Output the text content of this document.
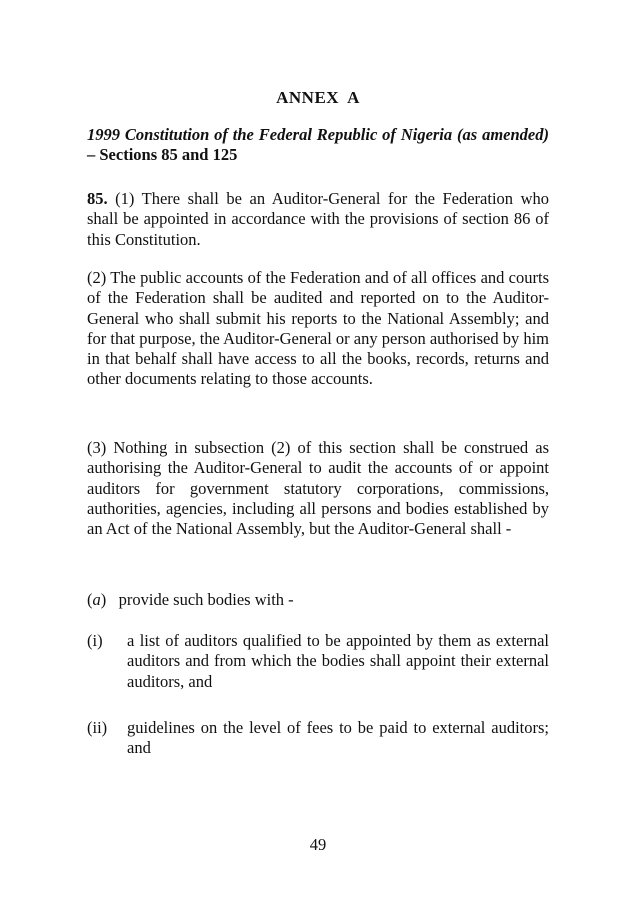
ANNEX A

1999 Constitution of the Federal Republic of Nigeria (as amended) – Sections 85 and 125

85. (1) There shall be an Auditor-General for the Federation who shall be appointed in accordance with the provisions of section 86 of this Constitution.

(2) The public accounts of the Federation and of all offices and courts of the Federation shall be audited and reported on to the Auditor-General who shall submit his reports to the National Assembly; and for that purpose, the Auditor-General or any person authorised by him in that behalf shall have access to all the books, records, returns and other documents relating to those accounts.

(3) Nothing in subsection (2) of this section shall be construed as authorising the Auditor-General to audit the accounts of or appoint auditors for government statutory corporations, commissions, authorities, agencies, including all persons and bodies established by an Act of the National Assembly, but the Auditor-General shall -

(a) provide such bodies with -
(i) a list of auditors qualified to be appointed by them as external auditors and from which the bodies shall appoint their external auditors, and
(ii) guidelines on the level of fees to be paid to external auditors; and
49
